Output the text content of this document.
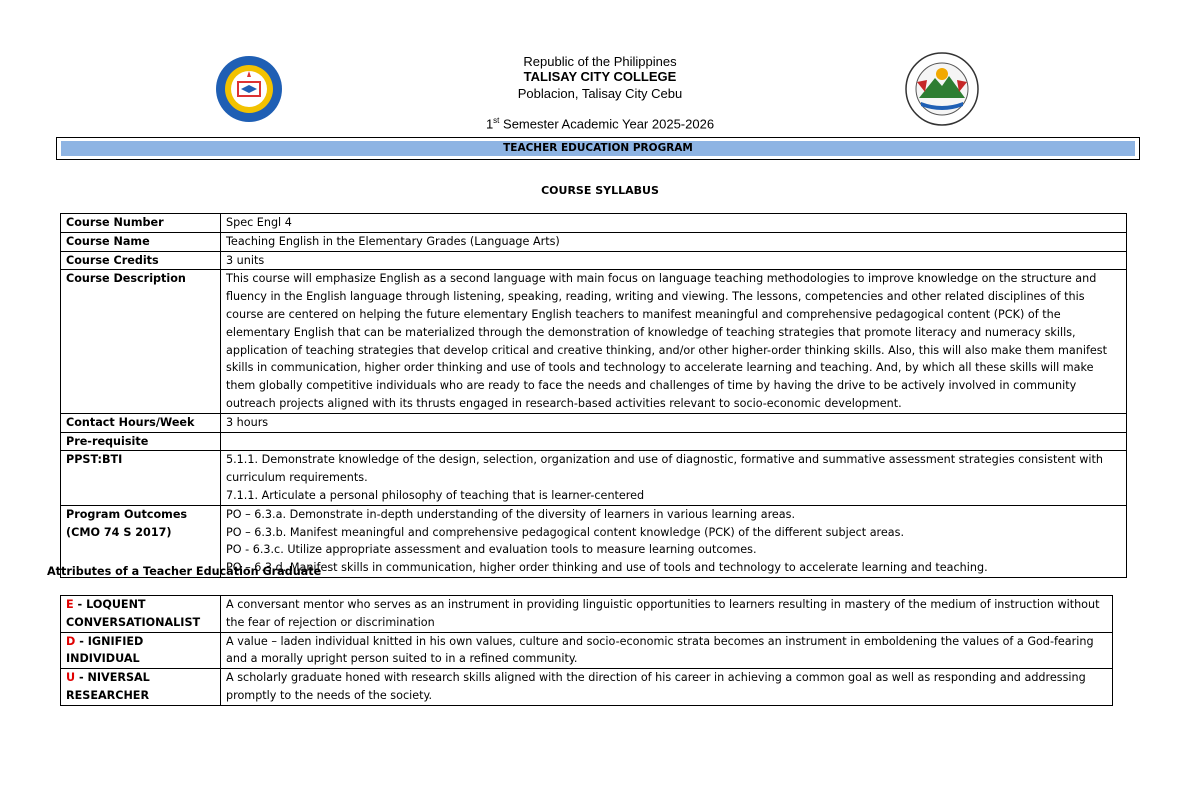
Republic of the Philippines
TALISAY CITY COLLEGE
Poblacion, Talisay City Cebu
1st Semester Academic Year 2025-2026
TEACHER EDUCATION PROGRAM
COURSE SYLLABUS
Course Number	Spec Engl 4
Course Name	Teaching English in the Elementary Grades (Language Arts)
Course Credits	3 units
Course Description	This course will emphasize English as a second language with main focus on language teaching methodologies to improve knowledge on the structure and fluency in the English language through listening, speaking, reading, writing and viewing. The lessons, competencies and other related disciplines of this course are centered on helping the future elementary English teachers to manifest meaningful and comprehensive pedagogical content (PCK) of the elementary English that can be materialized through the demonstration of knowledge of teaching strategies that promote literacy and numeracy skills, application of teaching strategies that develop critical and creative thinking, and/or other higher-order thinking skills. Also, this will also make them manifest skills in communication, higher order thinking and use of tools and technology to accelerate learning and teaching. And, by which all these skills will make them globally competitive individuals who are ready to face the needs and challenges of time by having the drive to be actively involved in community outreach projects aligned with its thrusts engaged in research-based activities relevant to socio-economic development.
Contact Hours/Week	3 hours
Pre-requisite	
PPST:BTI	5.1.1. Demonstrate knowledge of the design, selection, organization and use of diagnostic, formative and summative assessment strategies consistent with curriculum requirements.
7.1.1. Articulate a personal philosophy of teaching that is learner-centered

Program Outcomes
(CMO 74 S 2017)	PO – 6.3.a. Demonstrate in-depth understanding of the diversity of learners in various learning areas.
PO – 6.3.b. Manifest meaningful and comprehensive pedagogical content knowledge (PCK) of the different subject areas.
PO - 6.3.c. Utilize appropriate assessment and evaluation tools to measure learning outcomes.
PO – 6.3.d. Manifest skills in communication, higher order thinking and use of tools and technology to accelerate learning and teaching.
Attributes of a Teacher Education Graduate
E - LOQUENT CONVERSATIONALIST	A conversant mentor who serves as an instrument in providing linguistic opportunities to learners resulting in mastery of the medium of instruction without the fear of rejection or discrimination
D - IGNIFIED INDIVIDUAL	A value – laden individual knitted in his own values, culture and socio-economic strata becomes an instrument in emboldening the values of a God-fearing and a morally upright person suited to in a refined community.
U - NIVERSAL RESEARCHER	A scholarly graduate honed with research skills aligned with the direction of his career in achieving a common goal as well as responding and addressing promptly to the needs of the society.
